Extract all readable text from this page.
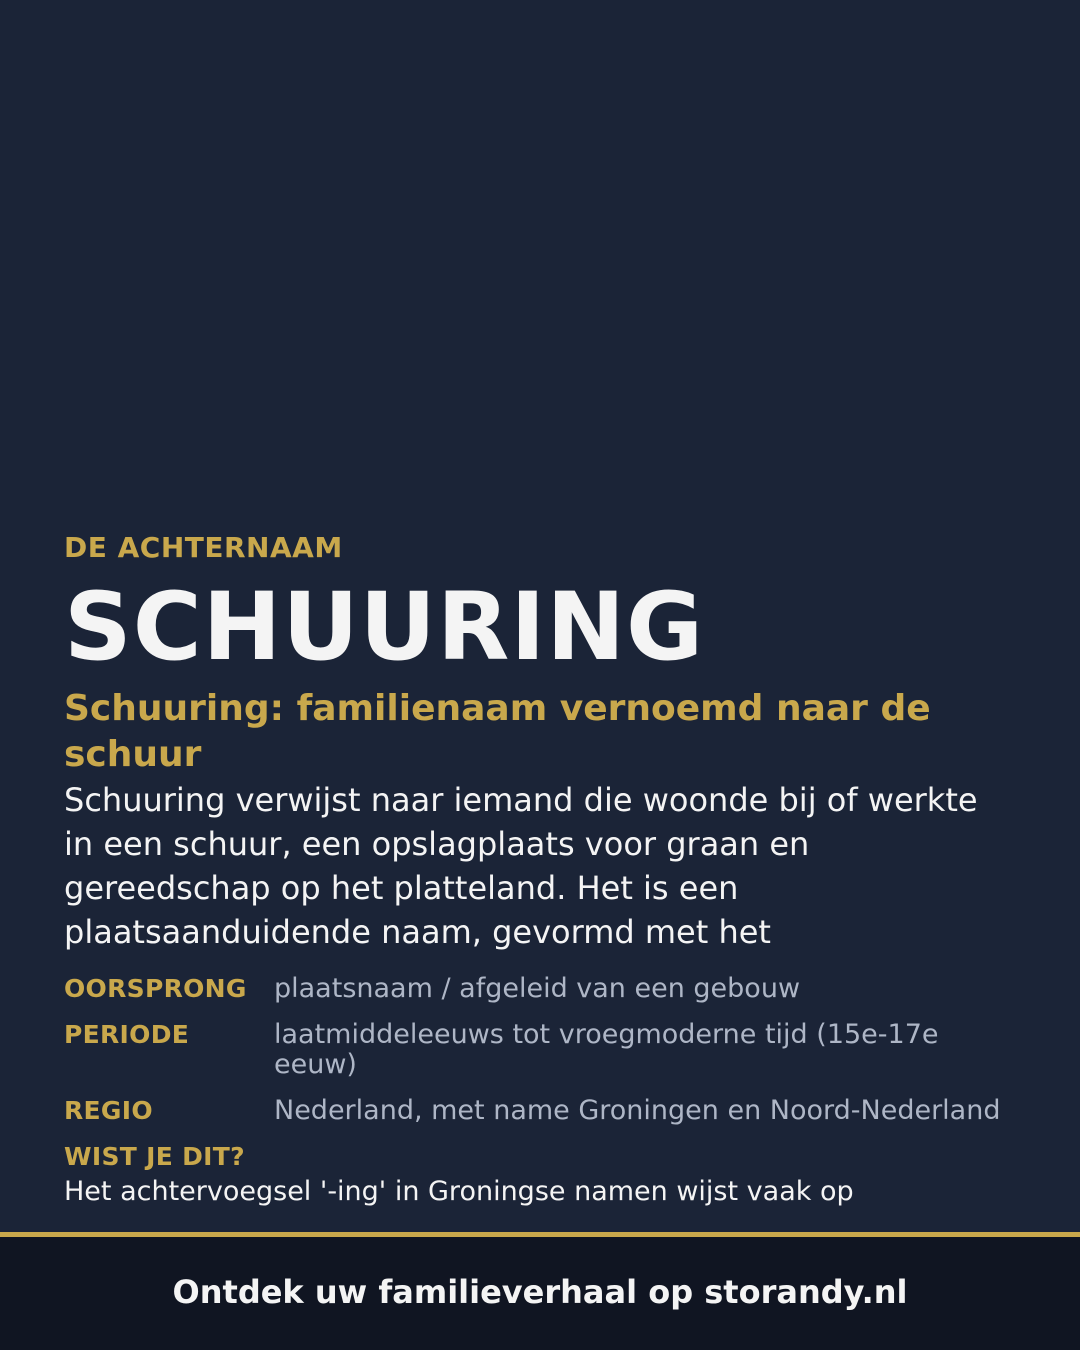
DE ACHTERNAAM
SCHUURING
Schuuring: familienaam vernoemd naar de schuur
Schuuring verwijst naar iemand die woonde bij of werkte in een schuur, een opslagplaats voor graan en gereedschap op het platteland. Het is een plaatsaanduidende naam, gevormd met het
OORSPRONG	plaatsnaam / afgeleid van een gebouw
PERIODE	laatmiddeleeuws tot vroegmoderne tijd (15e-17e eeuw)
REGIO	Nederland, met name Groningen en Noord-Nederland
WIST JE DIT?
Het achtervoegsel '-ing' in Groningse namen wijst vaak op
Ontdek uw familieverhaal op storandy.nl
